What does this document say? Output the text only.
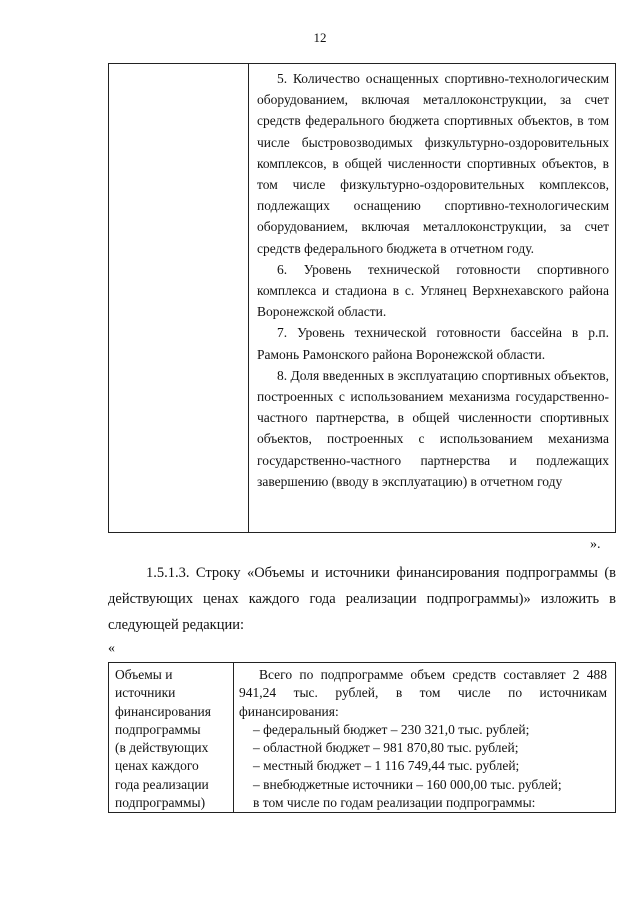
12

5. Количество оснащенных спортивно-технологическим оборудованием, включая металлоконструкции, за счет средств федерального бюджета спортивных объектов, в том числе быстровозводимых физкультурно-оздоровительных комплексов, в общей численности спортивных объектов, в том числе физкультурно-оздоровительных комплексов, подлежащих оснащению спортивно-технологическим оборудованием, включая металлоконструкции, за счет средств федерального бюджета в отчетном году.

6. Уровень технической готовности спортивного комплекса и стадиона в с. Углянец Верхнехавского района Воронежской области.

7. Уровень технической готовности бассейна в р.п. Рамонь Рамонского района Воронежской области.

8. Доля введенных в эксплуатацию спортивных объектов, построенных с использованием механизма государственно-частного партнерства, в общей численности спортивных объектов, построенных с использованием механизма государственно-частного партнерства и подлежащих завершению (вводу в эксплуатацию) в отчетном году

».
1.5.1.3. Строку «Объемы и источники финансирования подпрограммы (в действующих ценах каждого года реализации подпрограммы)» изложить в следующей редакции:
«
Объемы и
источники
финансирования
подпрограммы
(в действующих
ценах каждого
года реализации
подпрограммы)

Всего по подпрограмме объем средств составляет 2 488 941,24 тыс. рублей, в том числе по источникам финансирования:

– федеральный бюджет – 230 321,0 тыс. рублей;
– областной бюджет – 981 870,80 тыс. рублей;
– местный бюджет – 1 116 749,44 тыс. рублей;
– внебюджетные источники – 160 000,00 тыс. рублей;
в том числе по годам реализации подпрограммы:
